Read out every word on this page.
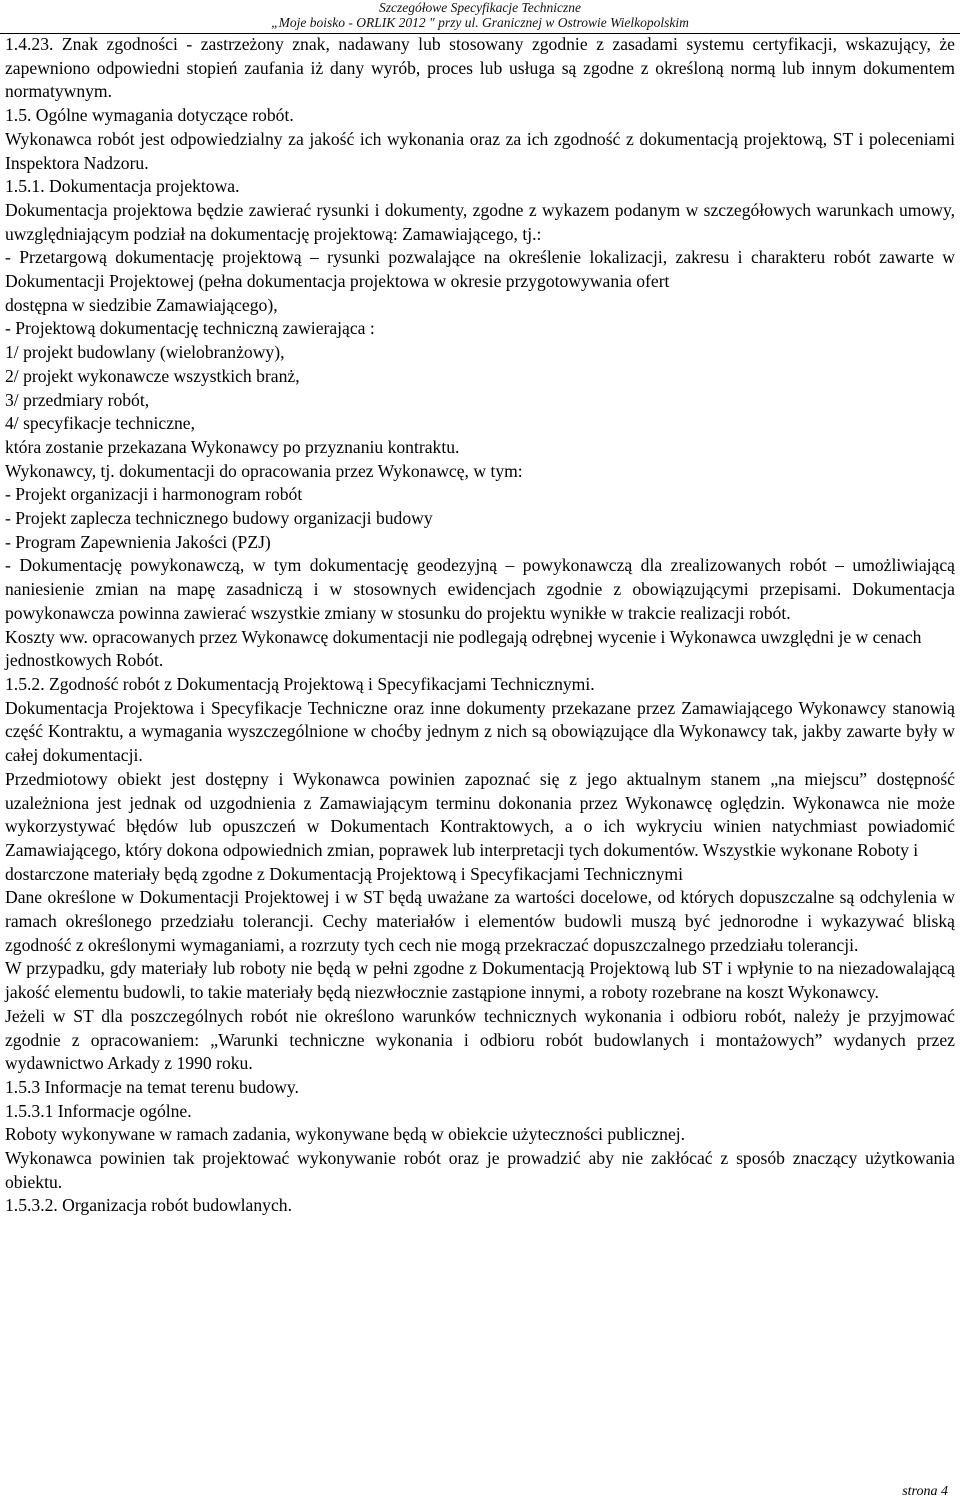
Szczegółowe Specyfikacje Techniczne
„Moje boisko - ORLIK 2012 " przy ul. Granicznej w Ostrowie Wielkopolskim

1.4.23. Znak zgodności - zastrzeżony znak, nadawany lub stosowany zgodnie z zasadami systemu certyfikacji, wskazujący, że zapewniono odpowiedni stopień zaufania iż dany wyrób, proces lub usługa są zgodne z określoną normą lub innym dokumentem normatywnym.

1.5. Ogólne wymagania dotyczące robót.

Wykonawca robót jest odpowiedzialny za jakość ich wykonania oraz za ich zgodność z dokumentacją projektową, ST i poleceniami Inspektora Nadzoru.

1.5.1. Dokumentacja projektowa.

Dokumentacja projektowa będzie zawierać rysunki i dokumenty, zgodne z wykazem podanym w szczegółowych warunkach umowy, uwzględniającym podział na dokumentację projektową: Zamawiającego, tj.:

- Przetargową dokumentację projektową – rysunki pozwalające na określenie lokalizacji, zakresu i charakteru robót zawarte w Dokumentacji Projektowej (pełna dokumentacja projektowa w okresie przygotowywania ofert

dostępna w siedzibie Zamawiającego),

- Projektową dokumentację techniczną zawierająca :

1/ projekt budowlany (wielobranżowy),

2/ projekt wykonawcze wszystkich branż,

3/ przedmiary robót,

4/ specyfikacje techniczne,

która zostanie przekazana Wykonawcy po przyznaniu kontraktu.

Wykonawcy, tj. dokumentacji do opracowania przez Wykonawcę, w tym:

- Projekt organizacji i harmonogram robót

- Projekt zaplecza technicznego budowy organizacji budowy

- Program Zapewnienia Jakości (PZJ)

- Dokumentację powykonawczą, w tym dokumentację geodezyjną – powykonawczą dla zrealizowanych robót – umożliwiającą naniesienie zmian na mapę zasadniczą i w stosownych ewidencjach zgodnie z obowiązującymi przepisami. Dokumentacja powykonawcza powinna zawierać wszystkie zmiany w stosunku do projektu wynikłe w trakcie realizacji robót.

Koszty ww. opracowanych przez Wykonawcę dokumentacji nie podlegają odrębnej wycenie i Wykonawca uwzględni je w cenach jednostkowych Robót.

1.5.2. Zgodność robót z Dokumentacją Projektową i Specyfikacjami Technicznymi.

Dokumentacja Projektowa i Specyfikacje Techniczne oraz inne dokumenty przekazane przez Zamawiającego Wykonawcy stanowią część Kontraktu, a wymagania wyszczególnione w choćby jednym z nich są obowiązujące dla Wykonawcy tak, jakby zawarte były w całej dokumentacji.

Przedmiotowy obiekt jest dostępny i Wykonawca powinien zapoznać się z jego aktualnym stanem „na miejscu” dostępność uzależniona jest jednak od uzgodnienia z Zamawiającym terminu dokonania przez Wykonawcę oględzin. Wykonawca nie może wykorzystywać błędów lub opuszczeń w Dokumentach Kontraktowych, a o ich wykryciu winien natychmiast powiadomić Zamawiającego, który dokona odpowiednich zmian, poprawek lub interpretacji tych dokumentów. Wszystkie wykonane Roboty i

dostarczone materiały będą zgodne z Dokumentacją Projektową i Specyfikacjami Technicznymi

Dane określone w Dokumentacji Projektowej i w ST będą uważane za wartości docelowe, od których dopuszczalne są odchylenia w ramach określonego przedziału tolerancji. Cechy materiałów i elementów budowli muszą być jednorodne i wykazywać bliską zgodność z określonymi wymaganiami, a rozrzuty tych cech nie mogą przekraczać dopuszczalnego przedziału tolerancji.

W przypadku, gdy materiały lub roboty nie będą w pełni zgodne z Dokumentacją Projektową lub ST i wpłynie to na niezadowalającą jakość elementu budowli, to takie materiały będą niezwłocznie zastąpione innymi, a roboty rozebrane na koszt Wykonawcy.

Jeżeli w ST dla poszczególnych robót nie określono warunków technicznych wykonania i odbioru robót, należy je przyjmować zgodnie z opracowaniem: „Warunki techniczne wykonania i odbioru robót budowlanych i montażowych” wydanych przez wydawnictwo Arkady z 1990 roku.

1.5.3 Informacje na temat terenu budowy.

1.5.3.1 Informacje ogólne.

Roboty wykonywane w ramach zadania, wykonywane będą w obiekcie użyteczności publicznej.

Wykonawca powinien tak projektować wykonywanie robót oraz je prowadzić aby nie zakłócać z sposób znaczący użytkowania obiektu.

1.5.3.2. Organizacja robót budowlanych.

strona 4
